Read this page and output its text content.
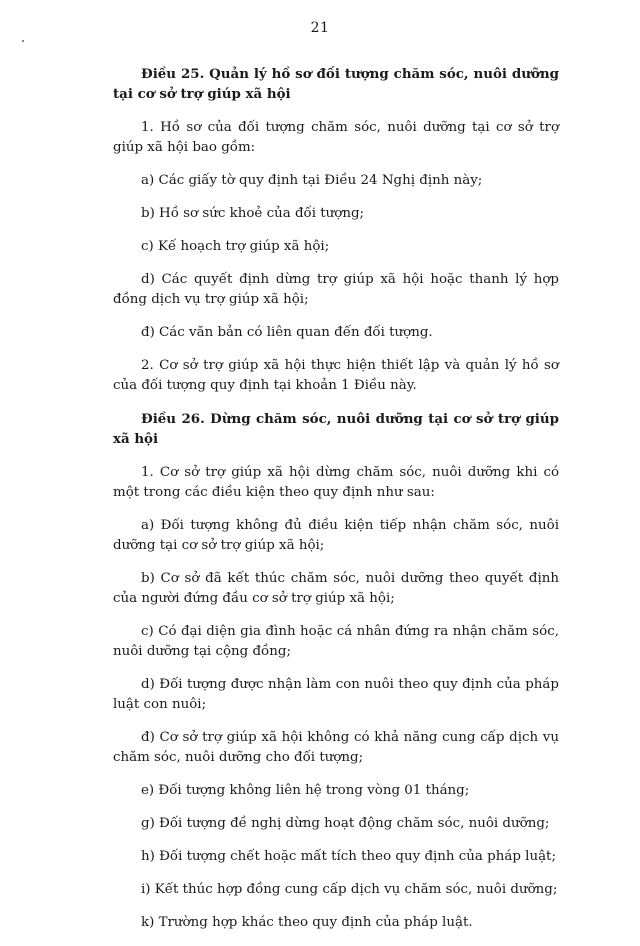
21

Điều 25. Quản lý hồ sơ đối tượng chăm sóc, nuôi dưỡng tại cơ sở trợ giúp xã hội

1. Hồ sơ của đối tượng chăm sóc, nuôi dưỡng tại cơ sở trợ giúp xã hội bao gồm:

a) Các giấy tờ quy định tại Điều 24 Nghị định này;

b) Hồ sơ sức khoẻ của đối tượng;

c) Kế hoạch trợ giúp xã hội;

d) Các quyết định dừng trợ giúp xã hội hoặc thanh lý hợp đồng dịch vụ trợ giúp xã hội;

đ) Các văn bản có liên quan đến đối tượng.

2. Cơ sở trợ giúp xã hội thực hiện thiết lập và quản lý hồ sơ của đối tượng quy định tại khoản 1 Điều này.

Điều 26. Dừng chăm sóc, nuôi dưỡng tại cơ sở trợ giúp xã hội

1. Cơ sở trợ giúp xã hội dừng chăm sóc, nuôi dưỡng khi có một trong các điều kiện theo quy định như sau:

a) Đối tượng không đủ điều kiện tiếp nhận chăm sóc, nuôi dưỡng tại cơ sở trợ giúp xã hội;

b) Cơ sở đã kết thúc chăm sóc, nuôi dưỡng theo quyết định của người đứng đầu cơ sở trợ giúp xã hội;

c) Có đại diện gia đình hoặc cá nhân đứng ra nhận chăm sóc, nuôi dưỡng tại cộng đồng;

d) Đối tượng được nhận làm con nuôi theo quy định của pháp luật con nuôi;

đ) Cơ sở trợ giúp xã hội không có khả năng cung cấp dịch vụ chăm sóc, nuôi dưỡng cho đối tượng;

e) Đối tượng không liên hệ trong vòng 01 tháng;

g) Đối tượng đề nghị dừng hoạt động chăm sóc, nuôi dưỡng;

h) Đối tượng chết hoặc mất tích theo quy định của pháp luật;

i) Kết thúc hợp đồng cung cấp dịch vụ chăm sóc, nuôi dưỡng;

k) Trường hợp khác theo quy định của pháp luật.
